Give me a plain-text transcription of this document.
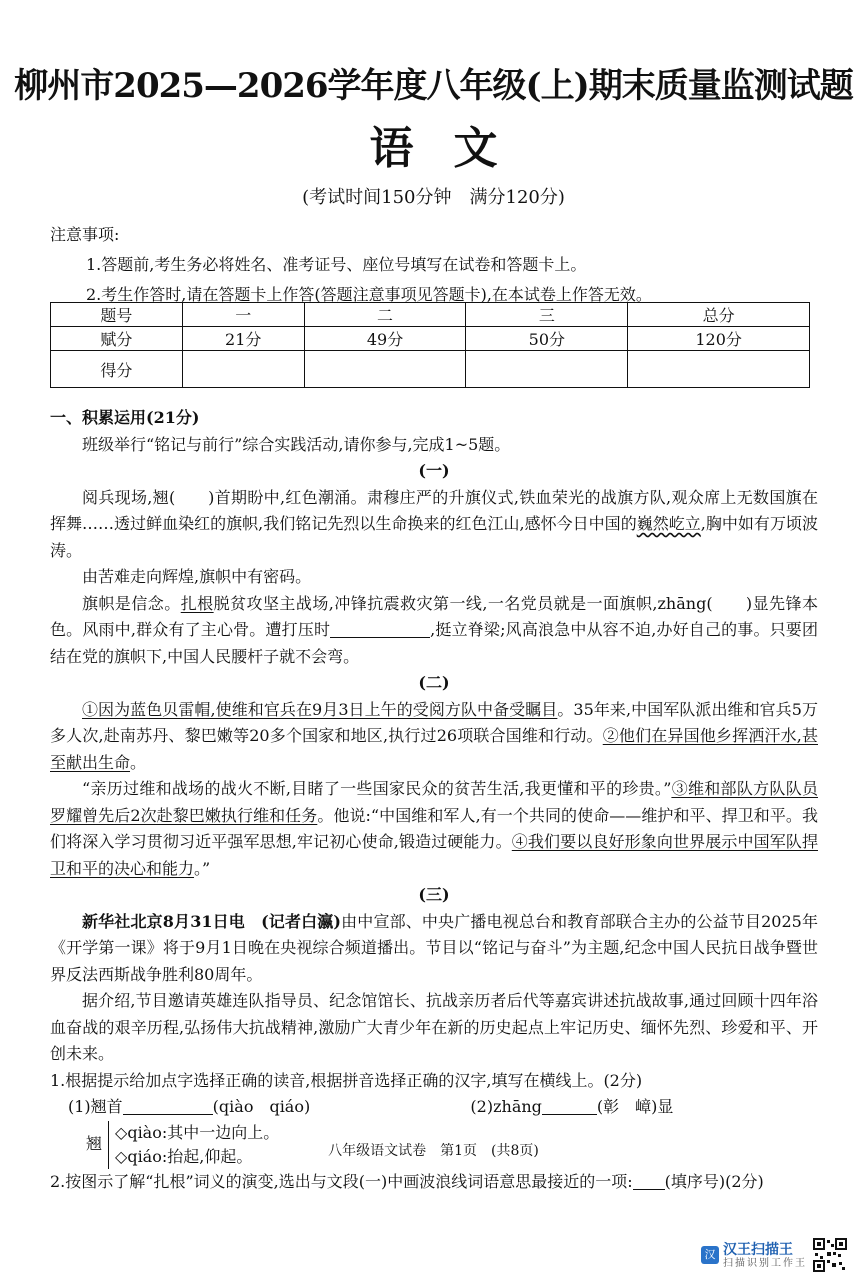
柳州市2025—2026学年度八年级(上)期末质量监测试题
语文
(考试时间150分钟　满分120分)

注意事项:

1.答题前,考生务必将姓名、准考证号、座位号填写在试卷和答题卡上。

2.考生作答时,请在答题卡上作答(答题注意事项见答题卡),在本试卷上作答无效。

题号	一	二	三	总分
赋分	21分	49分	50分	120分
得分				

一、积累运用(21分)

班级举行“铭记与前行”综合实践活动,请你参与,完成1~5题。

(一)

阅兵现场,翘(　　)首期盼中,红色潮涌。肃穆庄严的升旗仪式,铁血荣光的战旗方队,观众席上无数国旗在挥舞……透过鲜血染红的旗帜,我们铭记先烈以生命换来的红色江山,感怀今日中国的巍然屹立,胸中如有万顷波涛。

由苦难走向辉煌,旗帜中有密码。

旗帜是信念。扎根脱贫攻坚主战场,冲锋抗震救灾第一线,一名党员就是一面旗帜,zhāng(　　)显先锋本色。风雨中,群众有了主心骨。遭打压时	,挺立脊梁;风高浪急中从容不迫,办好自己的事。只要团结在党的旗帜下,中国人民腰杆子就不会弯。

(二)

①因为蓝色贝雷帽,使维和官兵在9月3日上午的受阅方队中备受瞩目。35年来,中国军队派出维和官兵5万多人次,赴南苏丹、黎巴嫩等20多个国家和地区,执行过26项联合国维和行动。②他们在异国他乡挥洒汗水,甚至献出生命。

“亲历过维和战场的战火不断,目睹了一些国家民众的贫苦生活,我更懂和平的珍贵。”③维和部队方队队员罗耀曾先后2次赴黎巴嫩执行维和任务。他说:“中国维和军人,有一个共同的使命——维护和平、捍卫和平。我们将深入学习贯彻习近平强军思想,牢记初心使命,锻造过硬能力。④我们要以良好形象向世界展示中国军队捍卫和平的决心和能力。”

(三)

新华社北京8月31日电　(记者白瀛)由中宣部、中央广播电视总台和教育部联合主办的公益节目2025年《开学第一课》将于9月1日晚在央视综合频道播出。节目以“铭记与奋斗”为主题,纪念中国人民抗日战争暨世界反法西斯战争胜利80周年。

据介绍,节目邀请英雄连队指导员、纪念馆馆长、抗战亲历者后代等嘉宾讲述抗战故事,通过回顾十四年浴血奋战的艰辛历程,弘扬伟大抗战精神,激励广大青少年在新的历史起点上牢记历史、缅怀先烈、珍爱和平、开创未来。

1.根据提示给加点字选择正确的读音,根据拼音选择正确的汉字,填写在横线上。(2分)

(1)翘首	(qiào　qiáo)	(2)zhāng	(彰　嶂)显

翘
◇qiào:其中一边向上。
◇qiáo:抬起,仰起。

2.按图示了解“扎根”词义的演变,选出与文段(一)中画波浪线词语意思最接近的一项: (填序号)(2分)

八年级语文试卷　第1页　(共8页)
汉 汉王扫描王
扫描识别工作王
